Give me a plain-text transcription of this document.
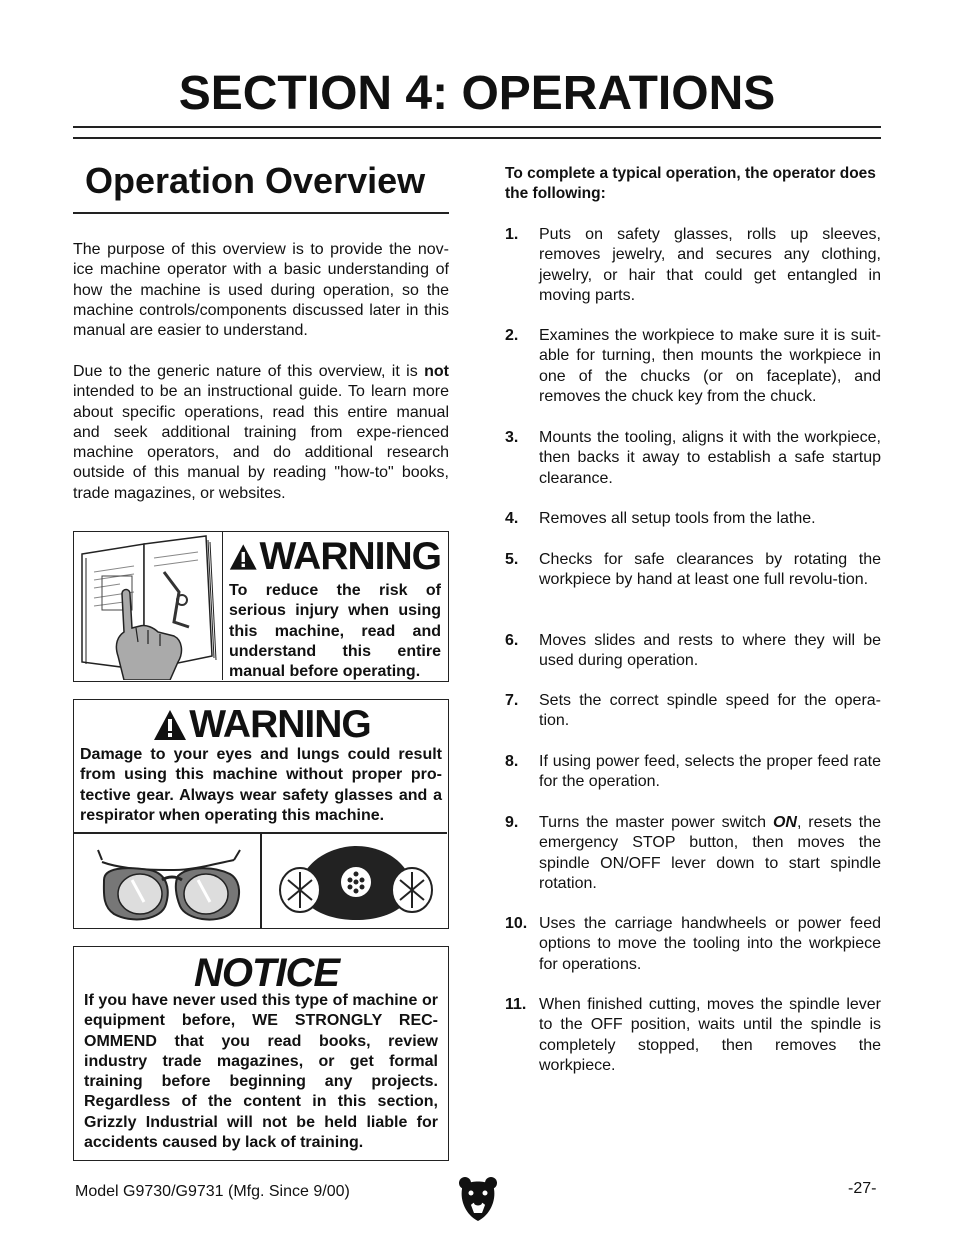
SECTION 4: OPERATIONS
Operation Overview
The purpose of this overview is to provide the nov-ice machine operator with a basic understanding of how the machine is used during operation, so the machine controls/components discussed later in this manual are easier to understand.
Due to the generic nature of this overview, it is not intended to be an instructional guide. To learn more about specific operations, read this entire manual and seek additional training from expe-rienced machine operators, and do additional research outside of this manual by reading "how-to" books, trade magazines, or websites.
WARNING
To reduce the risk of serious injury when using this machine, read and understand this entire manual before operating.
WARNING
Damage to your eyes and lungs could result from using this machine without proper pro-tective gear. Always wear safety glasses and a respirator when operating this machine.
NOTICE
If you have never used this type of machine or equipment before, WE STRONGLY REC-OMMEND that you read books, review industry trade magazines, or get formal training before beginning any projects. Regardless of the content in this section, Grizzly Industrial will not be held liable for accidents caused by lack of training.
To complete a typical operation, the operator does the following:
1. Puts on safety glasses, rolls up sleeves, removes jewelry, and secures any clothing, jewelry, or hair that could get entangled in moving parts.
2. Examines the workpiece to make sure it is suit-able for turning, then mounts the workpiece in one of the chucks (or on faceplate), and removes the chuck key from the chuck.
3. Mounts the tooling, aligns it with the workpiece, then backs it away to establish a safe startup clearance.
4. Removes all setup tools from the lathe.
5. Checks for safe clearances by rotating the workpiece by hand at least one full revolu-tion.
6. Moves slides and rests to where they will be used during operation.
7. Sets the correct spindle speed for the opera-tion.
8. If using power feed, selects the proper feed rate for the operation.
9. Turns the master power switch ON, resets the emergency STOP button, then moves the spindle ON/OFF lever down to start spindle rotation.
10. Uses the carriage handwheels or power feed options to move the tooling into the workpiece for operations.
11. When finished cutting, moves the spindle lever to the OFF position, waits until the spindle is completely stopped, then removes the workpiece.
Model G9730/G9731 (Mfg. Since 9/00)	-27-
